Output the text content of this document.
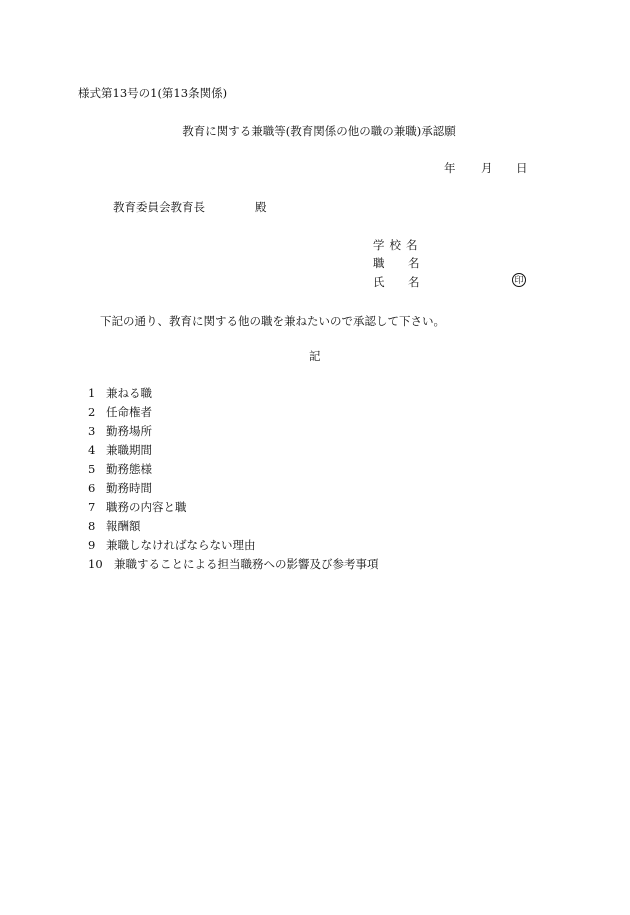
様式第13号の1(第13条関係)
教育に関する兼職等(教育関係の他の職の兼職)承認願
年 月 日
教育委員会教育長	殿
学校名
職 名
氏 名	印
下記の通り、教育に関する他の職を兼ねたいので承認して下さい。
記
1 兼ねる職
2 任命権者
3 勤務場所
4 兼職期間
5 勤務態様
6 勤務時間
7 職務の内容と職
8 報酬額
9 兼職しなければならない理由
10 兼職することによる担当職務への影響及び参考事項
